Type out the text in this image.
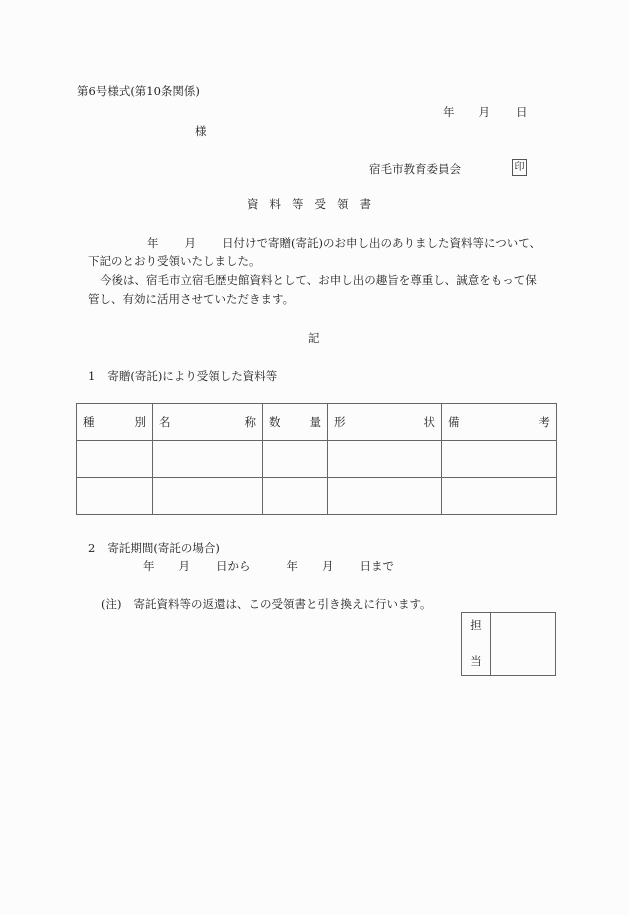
第6号様式(第10条関係)
年 月 日
様
宿毛市教育委員会	印
資料等受領書
年 月 日付けで寄贈(寄託)のお申し出のありました資料等について、
下記のとおり受領いたしました。
今後は、宿毛市立宿毛歴史館資料として、お申し出の趣旨を尊重し、誠意をもって保
管し、有効に活用させていただきます。
記
1 寄贈(寄託)により受領した資料等
種 別	名 称	数 量	形 状	備 考

2 寄託期間(寄託の場合)
年 月 日から	年 月 日まで
(注) 寄託資料等の返還は、この受領書と引き換えに行います。
担
当
